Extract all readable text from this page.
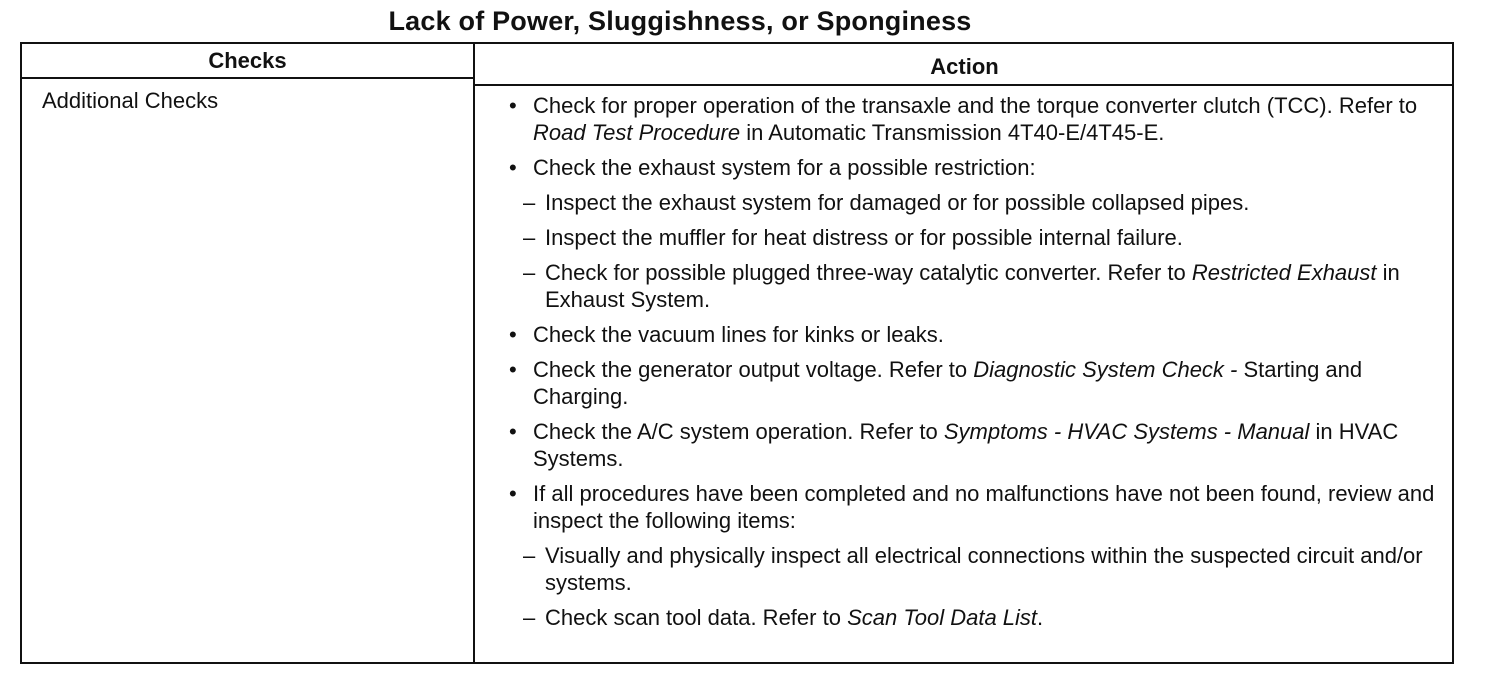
Lack of Power, Sluggishness, or Sponginess
Checks	Action
Additional Checks	• Check for proper operation of the transaxle and the torque converter clutch (TCC). Refer to Road Test Procedure in Automatic Transmission 4T40-E/4T45-E.
• Check the exhaust system for a possible restriction:
– Inspect the exhaust system for damaged or for possible collapsed pipes.
– Inspect the muffler for heat distress or for possible internal failure.
– Check for possible plugged three-way catalytic converter. Refer to Restricted Exhaust in Exhaust System.
• Check the vacuum lines for kinks or leaks.
• Check the generator output voltage. Refer to Diagnostic System Check - Starting and Charging.
• Check the A/C system operation. Refer to Symptoms - HVAC Systems - Manual in HVAC Systems.
• If all procedures have been completed and no malfunctions have not been found, review and inspect the following items:
– Visually and physically inspect all electrical connections within the suspected circuit and/or systems.
– Check scan tool data. Refer to Scan Tool Data List.
